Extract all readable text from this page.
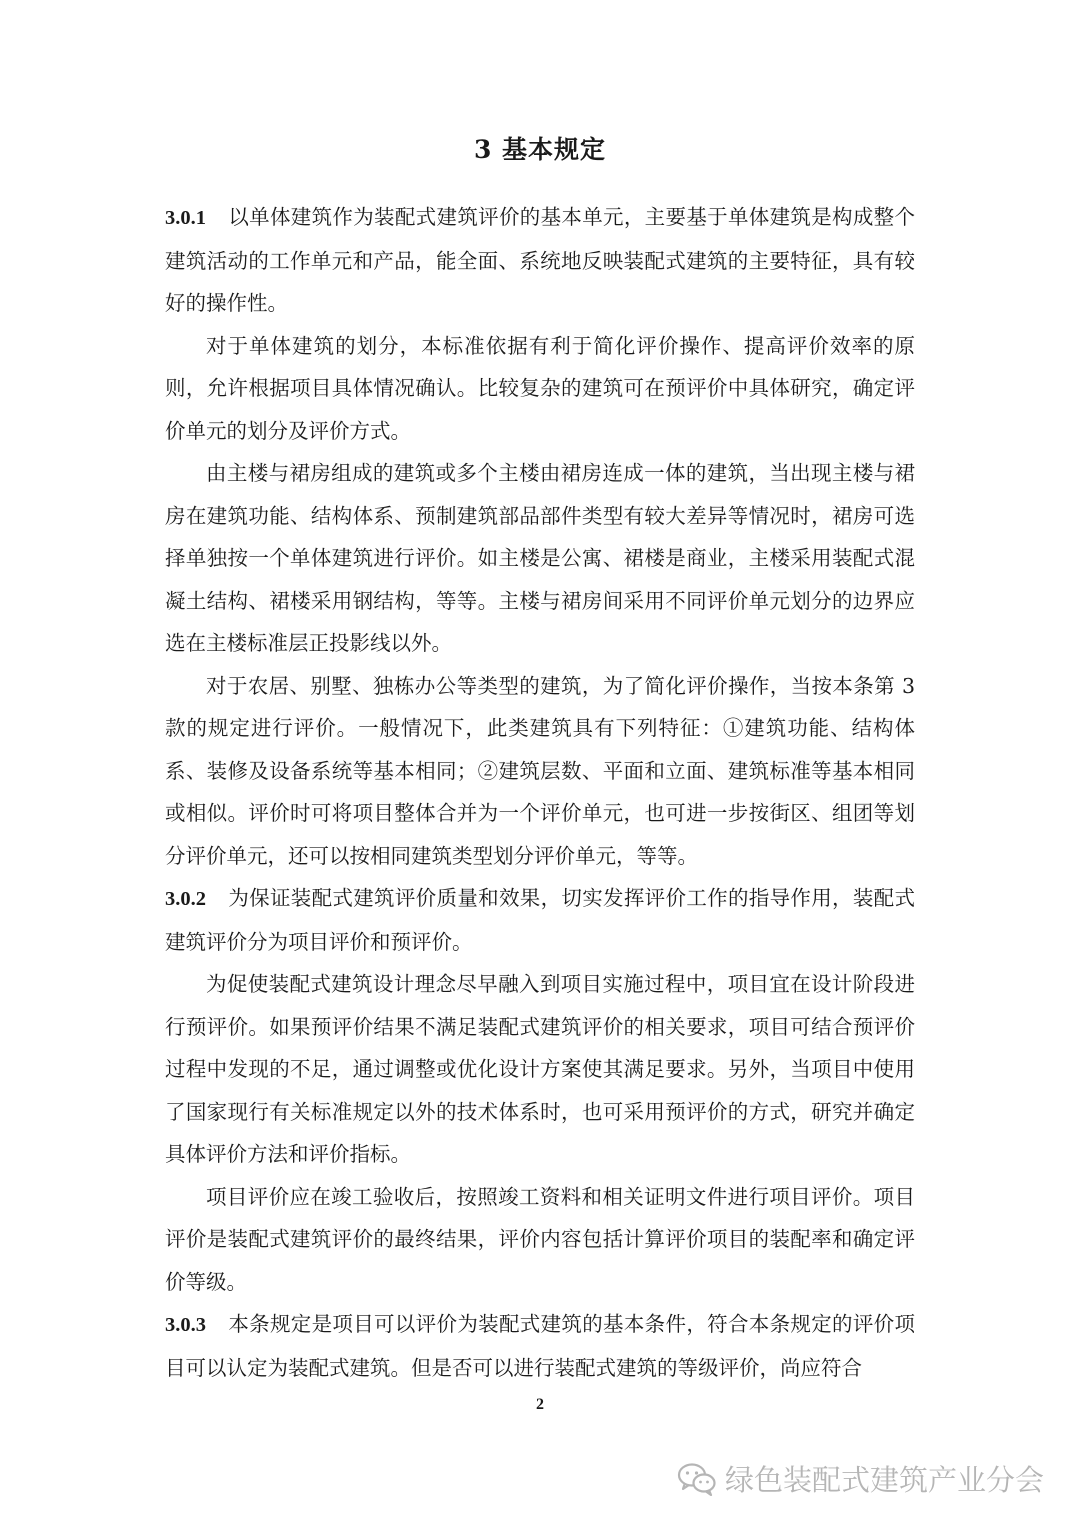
3 基本规定

3.0.1 以单体建筑作为装配式建筑评价的基本单元，主要基于单体建筑是构成整个建筑活动的工作单元和产品，能全面、系统地反映装配式建筑的主要特征，具有较好的操作性。

对于单体建筑的划分，本标准依据有利于简化评价操作、提高评价效率的原则，允许根据项目具体情况确认。比较复杂的建筑可在预评价中具体研究，确定评价单元的划分及评价方式。

由主楼与裙房组成的建筑或多个主楼由裙房连成一体的建筑，当出现主楼与裙房在建筑功能、结构体系、预制建筑部品部件类型有较大差异等情况时，裙房可选择单独按一个单体建筑进行评价。如主楼是公寓、裙楼是商业，主楼采用装配式混凝土结构、裙楼采用钢结构，等等。主楼与裙房间采用不同评价单元划分的边界应选在主楼标准层正投影线以外。

对于农居、别墅、独栋办公等类型的建筑，为了简化评价操作，当按本条第 3 款的规定进行评价。一般情况下，此类建筑具有下列特征：①建筑功能、结构体系、装修及设备系统等基本相同；②建筑层数、平面和立面、建筑标准等基本相同或相似。评价时可将项目整体合并为一个评价单元，也可进一步按街区、组团等划分评价单元，还可以按相同建筑类型划分评价单元，等等。

3.0.2 为保证装配式建筑评价质量和效果，切实发挥评价工作的指导作用，装配式建筑评价分为项目评价和预评价。

为促使装配式建筑设计理念尽早融入到项目实施过程中，项目宜在设计阶段进行预评价。如果预评价结果不满足装配式建筑评价的相关要求，项目可结合预评价过程中发现的不足，通过调整或优化设计方案使其满足要求。另外，当项目中使用了国家现行有关标准规定以外的技术体系时，也可采用预评价的方式，研究并确定具体评价方法和评价指标。

项目评价应在竣工验收后，按照竣工资料和相关证明文件进行项目评价。项目评价是装配式建筑评价的最终结果，评价内容包括计算评价项目的装配率和确定评价等级。

3.0.3 本条规定是项目可以评价为装配式建筑的基本条件，符合本条规定的评价项目可以认定为装配式建筑。但是否可以进行装配式建筑的等级评价，尚应符合

2
绿色装配式建筑产业分会
